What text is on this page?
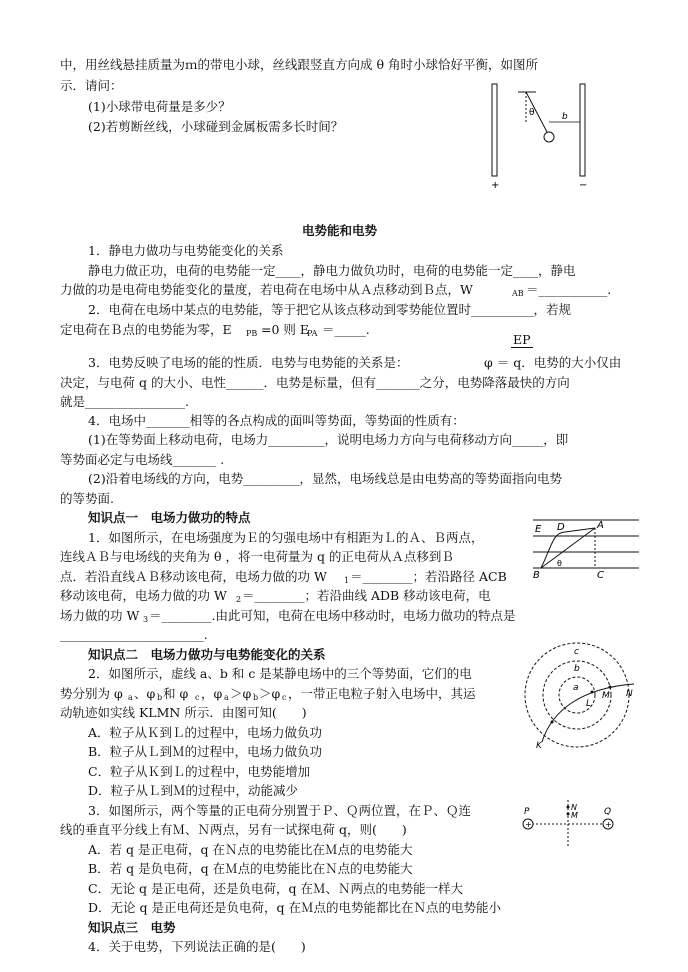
中，用丝线悬挂质量为ｍ的带电小球，丝线跟竖直方向成 θ 角时小球恰好平衡，如图所
示．请问：
(1)小球带电荷量是多少？
(2)若剪断丝线，小球碰到金属板需多长时间？
电势能和电势
1．静电力做功与电势能变化的关系
静电力做正功，电荷的电势能一定____，静电力做负功时，电荷的电势能一定____，静电
力做的功是电荷电势能变化的量度，若电荷在电场中从Ａ点移动到Ｂ点，W	AB ＝___________.
2．电荷在电场中某点的电势能，等于把它从该点移动到零势能位置时__________，若规
定电荷在Ｂ点的电势能为零，E PB =0 则 E
PA ＝_____.
EP
3．电势反映了电场的能的性质．电势与电势能的关系是：	φ ＝ q．电势的大小仅由
决定，与电荷 q 的大小、电性______．电势是标量，但有_______之分，电势降落最快的方向
就是________________.
4．电场中_______相等的各点构成的面叫等势面，等势面的性质有：
(1)在等势面上移动电荷，电场力_________，说明电场力方向与电荷移动方向_____，即
等势面必定与电场线_______ .
(2)沿着电场线的方向，电势_________，显然，电场线总是由电势高的等势面指向电势
的等势面.
知识点一　电场力做功的特点
1．如图所示，在电场强度为Ｅ的匀强电场中有相距为Ｌ的Ａ、Ｂ两点，
连线ＡＢ与电场线的夹角为 θ ，将一电荷量为 q 的正电荷从Ａ点移到Ｂ
点．若沿直线ＡＢ移动该电荷，电场力做的功 W 1 ＝________；若沿路径 ACB
移动该电荷，电场力做的功 W 2 ＝________；若沿曲线 ADB 移动该电荷，电
场力做的功 W 3 ＝________.由此可知，电荷在电场中移动时，电场力做功的特点是
_______________________.
知识点二　电场力做功与电势能变化的关系
2．如图所示，虚线 a、b 和 c 是某静电场中的三个等势面，它们的电
势分别为 φ a 、φ b 和 φ c ，φ a ＞φ b ＞φ c ，一带正电粒子射入电场中，其运
动轨迹如实线 KLMN 所示．由图可知(　　)
A．粒子从Ｋ到Ｌ的过程中，电场力做负功
B．粒子从Ｌ到Ｍ的过程中，电场力做负功
C．粒子从Ｋ到Ｌ的过程中，电势能增加
D．粒子从Ｌ到Ｍ的过程中，动能减少
3．如图所示，两个等量的正电荷分别置于Ｐ、Ｑ两位置，在Ｐ、Ｑ连
线的垂直平分线上有Ｍ、Ｎ两点，另有一试探电荷 q，则(　　)
A．若 q 是正电荷，q 在Ｎ点的电势能比在Ｍ点的电势能大
B．若 q 是负电荷，q 在Ｍ点的电势能比在Ｎ点的电势能大
C．无论 q 是正电荷，还是负电荷，q 在Ｍ、Ｎ两点的电势能一样大
D．无论 q 是正电荷还是负电荷，q 在Ｍ点的电势能都比在Ｎ点的电势能小
知识点三　电势
4．关于电势，下列说法正确的是(　　)
θ	b
+	−
E D	A
B	C
θ
c
b
a
L
M N
K
+	+
P	Q
N
M
